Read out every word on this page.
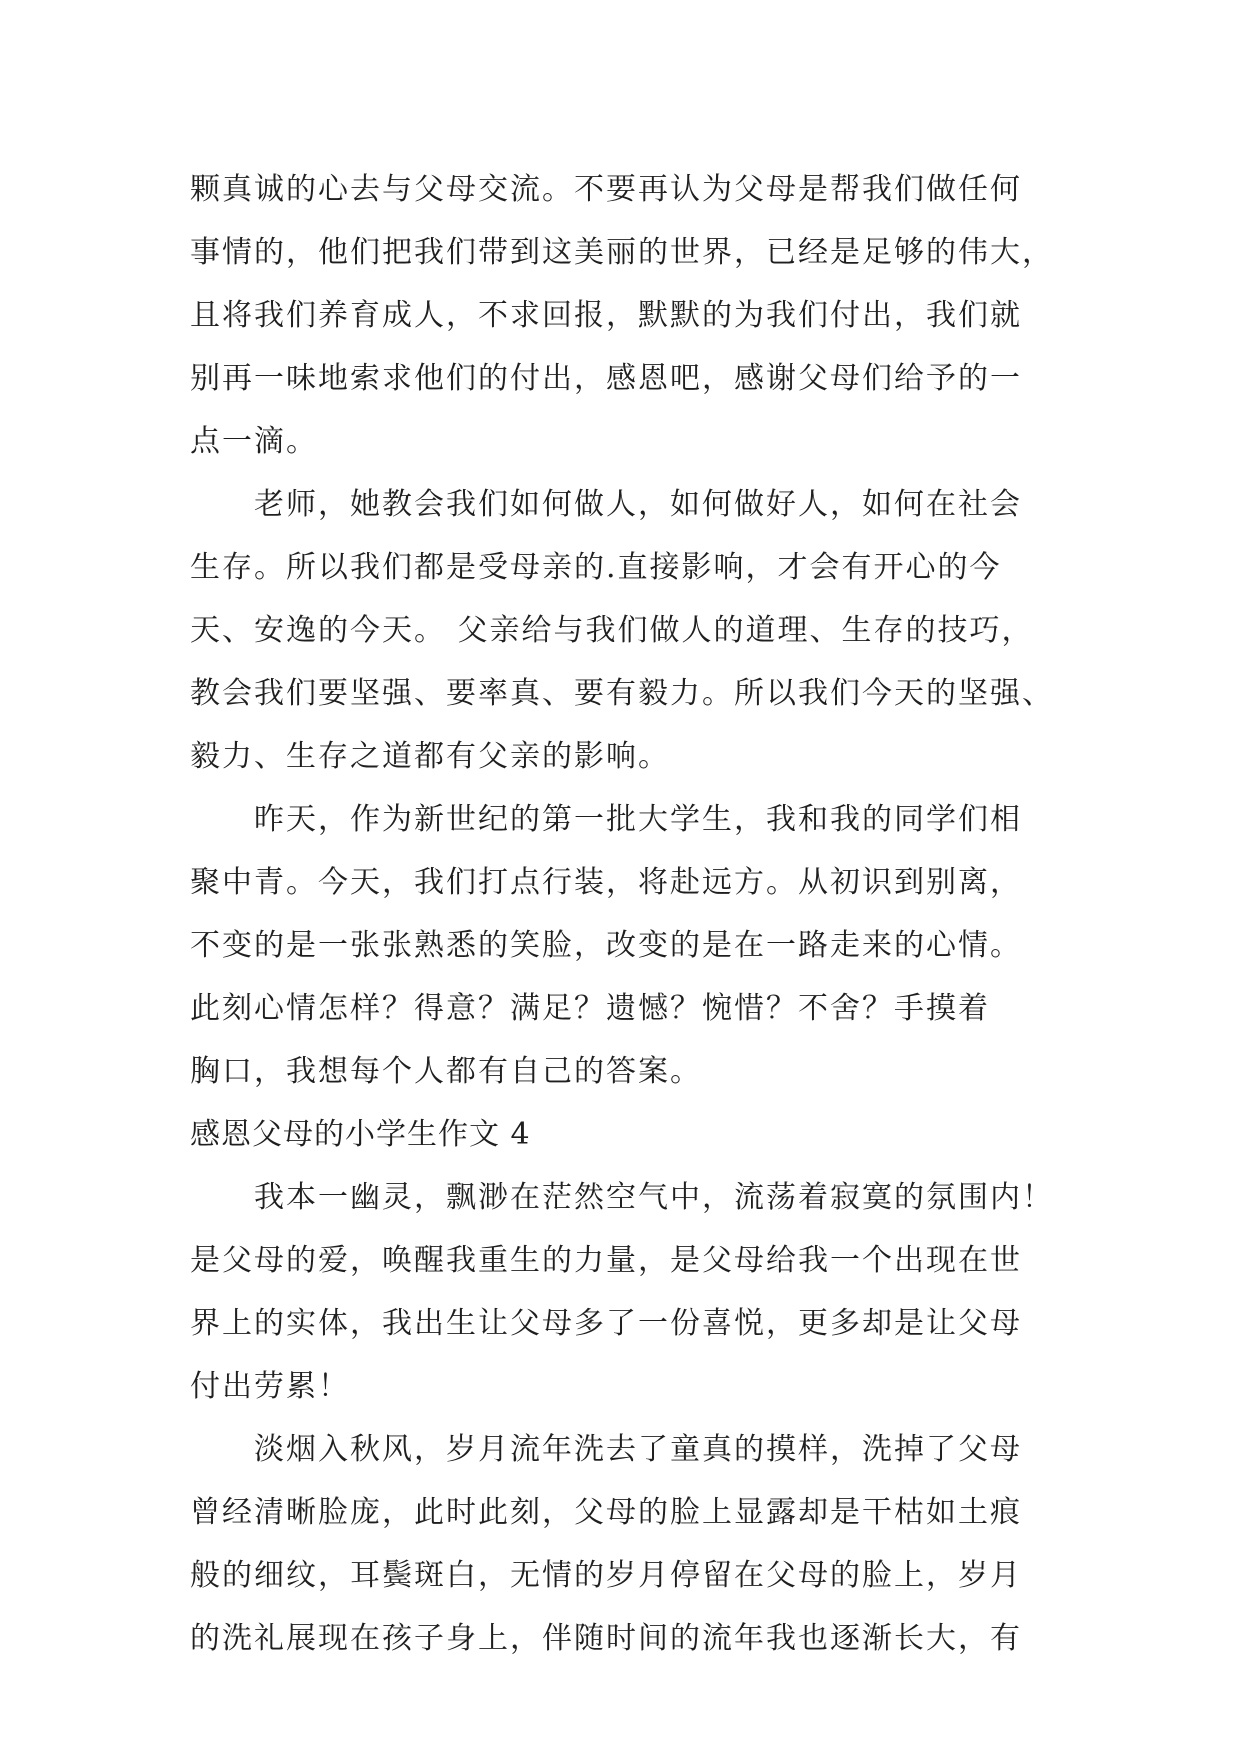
颗真诚的心去与父母交流。不要再认为父母是帮我们做任何
事情的，他们把我们带到这美丽的世界，已经是足够的伟大，
且将我们养育成人，不求回报，默默的为我们付出，我们就
别再一味地索求他们的付出，感恩吧，感谢父母们给予的一
点一滴。
老师，她教会我们如何做人，如何做好人，如何在社会
生存。所以我们都是受母亲的.直接影响，才会有开心的今
天、安逸的今天。 父亲给与我们做人的道理、生存的技巧，
教会我们要坚强、要率真、要有毅力。所以我们今天的坚强、
毅力、生存之道都有父亲的影响。
昨天，作为新世纪的第一批大学生，我和我的同学们相
聚中青。今天，我们打点行装，将赴远方。从初识到别离，
不变的是一张张熟悉的笑脸，改变的是在一路走来的心情。
此刻心情怎样？得意？满足？遗憾？惋惜？不舍？手摸着
胸口，我想每个人都有自己的答案。
感恩父母的小学生作文 4
我本一幽灵，飘渺在茫然空气中，流荡着寂寞的氛围内！
是父母的爱，唤醒我重生的力量，是父母给我一个出现在世
界上的实体，我出生让父母多了一份喜悦，更多却是让父母
付出劳累！
淡烟入秋风，岁月流年洗去了童真的摸样，洗掉了父母
曾经清晰脸庞，此时此刻，父母的脸上显露却是干枯如土痕
般的细纹，耳鬓斑白，无情的岁月停留在父母的脸上，岁月
的洗礼展现在孩子身上，伴随时间的流年我也逐渐长大，有
